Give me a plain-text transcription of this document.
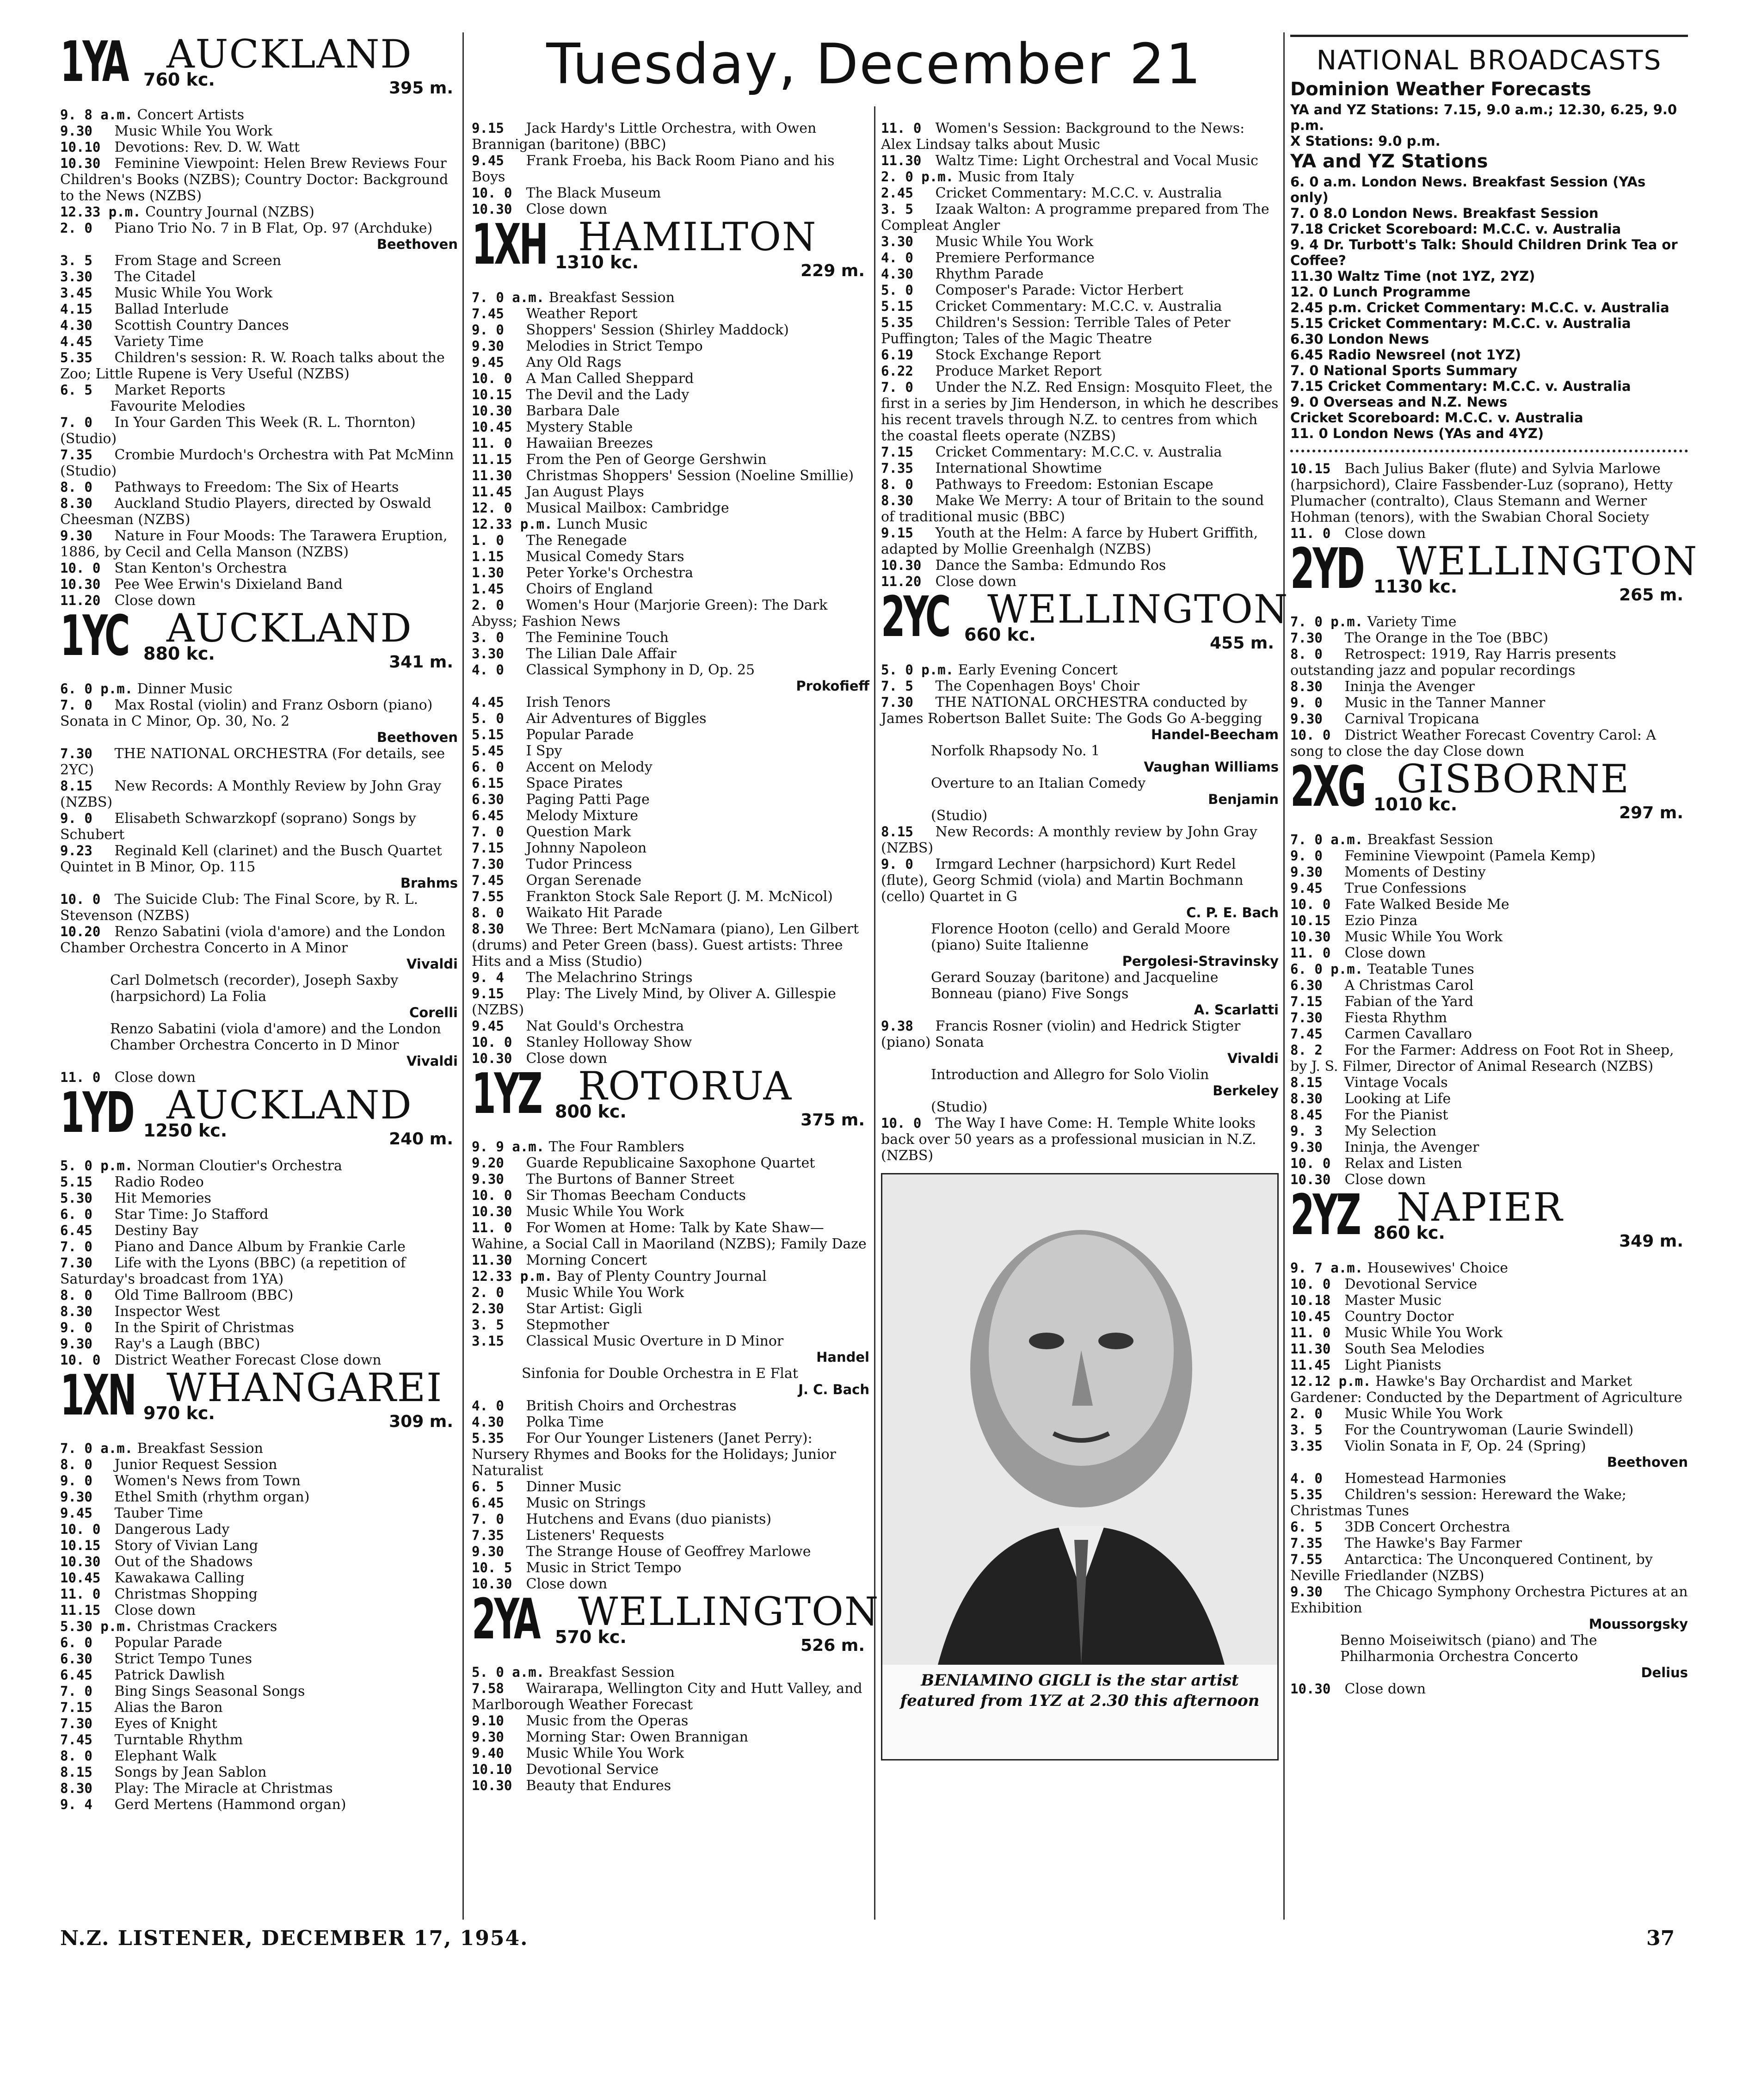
Tuesday, December 21
1YA AUCKLAND
760 kc.	395 m.

9. 8 a.m. Concert Artists

9.30 Music While You Work

10.10 Devotions: Rev. D. W. Watt

10.30 Feminine Viewpoint: Helen Brew Reviews Four Children's Books (NZBS); Country Doctor: Background to the News (NZBS)

12.33 p.m. Country Journal (NZBS)

2. 0 Piano Trio No. 7 in B Flat, Op. 97 (Archduke)
Beethoven

3. 5 From Stage and Screen

3.30 The Citadel

3.45 Music While You Work

4.15 Ballad Interlude

4.30 Scottish Country Dances

4.45 Variety Time

5.35 Children's session: R. W. Roach talks about the Zoo; Little Rupene is Very Useful (NZBS)

6. 5 Market Reports

Favourite Melodies

7. 0 In Your Garden This Week (R. L. Thornton) (Studio)

7.35 Crombie Murdoch's Orchestra with Pat McMinn (Studio)

8. 0 Pathways to Freedom: The Six of Hearts

8.30 Auckland Studio Players, directed by Oswald Cheesman (NZBS)

9.30 Nature in Four Moods: The Tarawera Eruption, 1886, by Cecil and Cella Manson (NZBS)

10. 0 Stan Kenton's Orchestra

10.30 Pee Wee Erwin's Dixieland Band

11.20 Close down

1YC AUCKLAND
880 kc.	341 m.

6. 0 p.m. Dinner Music

7. 0 Max Rostal (violin) and Franz Osborn (piano) Sonata in C Minor, Op. 30, No. 2
Beethoven

7.30 THE NATIONAL ORCHESTRA (For details, see 2YC)

8.15 New Records: A Monthly Review by John Gray (NZBS)

9. 0 Elisabeth Schwarzkopf (soprano) Songs by Schubert

9.23 Reginald Kell (clarinet) and the Busch Quartet Quintet in B Minor, Op. 115
Brahms

10. 0 The Suicide Club: The Final Score, by R. L. Stevenson (NZBS)

10.20 Renzo Sabatini (viola d'amore) and the London Chamber Orchestra Concerto in A Minor
Vivaldi

Carl Dolmetsch (recorder), Joseph Saxby (harpsichord) La Folia
Corelli

Renzo Sabatini (viola d'amore) and the London Chamber Orchestra Concerto in D Minor
Vivaldi

11. 0 Close down

1YD AUCKLAND
1250 kc.	240 m.

5. 0 p.m. Norman Cloutier's Orchestra

5.15 Radio Rodeo

5.30 Hit Memories

6. 0 Star Time: Jo Stafford

6.45 Destiny Bay

7. 0 Piano and Dance Album by Frankie Carle

7.30 Life with the Lyons (BBC) (a repetition of Saturday's broadcast from 1YA)

8. 0 Old Time Ballroom (BBC)

8.30 Inspector West

9. 0 In the Spirit of Christmas

9.30 Ray's a Laugh (BBC)

10. 0 District Weather Forecast Close down

1XN WHANGAREI
970 kc.	309 m.

7. 0 a.m. Breakfast Session

8. 0 Junior Request Session

9. 0 Women's News from Town

9.30 Ethel Smith (rhythm organ)

9.45 Tauber Time

10. 0 Dangerous Lady

10.15 Story of Vivian Lang

10.30 Out of the Shadows

10.45 Kawakawa Calling

11. 0 Christmas Shopping

11.15 Close down

5.30 p.m. Christmas Crackers

6. 0 Popular Parade

6.30 Strict Tempo Tunes

6.45 Patrick Dawlish

7. 0 Bing Sings Seasonal Songs

7.15 Alias the Baron

7.30 Eyes of Knight

7.45 Turntable Rhythm

8. 0 Elephant Walk

8.15 Songs by Jean Sablon

8.30 Play: The Miracle at Christmas

9. 4 Gerd Mertens (Hammond organ)

9.15 Jack Hardy's Little Orchestra, with Owen Brannigan (baritone) (BBC)

9.45 Frank Froeba, his Back Room Piano and his Boys

10. 0 The Black Museum

10.30 Close down

1XH HAMILTON
1310 kc.	229 m.

7. 0 a.m. Breakfast Session

7.45 Weather Report

9. 0 Shoppers' Session (Shirley Maddock)

9.30 Melodies in Strict Tempo

9.45 Any Old Rags

10. 0 A Man Called Sheppard

10.15 The Devil and the Lady

10.30 Barbara Dale

10.45 Mystery Stable

11. 0 Hawaiian Breezes

11.15 From the Pen of George Gershwin

11.30 Christmas Shoppers' Session (Noeline Smillie)

11.45 Jan August Plays

12. 0 Musical Mailbox: Cambridge

12.33 p.m. Lunch Music

1. 0 The Renegade

1.15 Musical Comedy Stars

1.30 Peter Yorke's Orchestra

1.45 Choirs of England

2. 0 Women's Hour (Marjorie Green): The Dark Abyss; Fashion News

3. 0 The Feminine Touch

3.30 The Lilian Dale Affair

4. 0 Classical Symphony in D, Op. 25
Prokofieff

4.45 Irish Tenors

5. 0 Air Adventures of Biggles

5.15 Popular Parade

5.45 I Spy

6. 0 Accent on Melody

6.15 Space Pirates

6.30 Paging Patti Page

6.45 Melody Mixture

7. 0 Question Mark

7.15 Johnny Napoleon

7.30 Tudor Princess

7.45 Organ Serenade

7.55 Frankton Stock Sale Report (J. M. McNicol)

8. 0 Waikato Hit Parade

8.30 We Three: Bert McNamara (piano), Len Gilbert (drums) and Peter Green (bass). Guest artists: Three Hits and a Miss (Studio)

9. 4 The Melachrino Strings

9.15 Play: The Lively Mind, by Oliver A. Gillespie (NZBS)

9.45 Nat Gould's Orchestra

10. 0 Stanley Holloway Show

10.30 Close down

1YZ ROTORUA
800 kc.	375 m.

9. 9 a.m. The Four Ramblers

9.20 Guarde Republicaine Saxophone Quartet

9.30 The Burtons of Banner Street

10. 0 Sir Thomas Beecham Conducts

10.30 Music While You Work

11. 0 For Women at Home: Talk by Kate Shaw—Wahine, a Social Call in Maoriland (NZBS); Family Daze

11.30 Morning Concert

12.33 p.m. Bay of Plenty Country Journal

2. 0 Music While You Work

2.30 Star Artist: Gigli

3. 5 Stepmother

3.15 Classical Music Overture in D Minor
Handel

Sinfonia for Double Orchestra in E Flat
J. C. Bach

4. 0 British Choirs and Orchestras

4.30 Polka Time

5.35 For Our Younger Listeners (Janet Perry): Nursery Rhymes and Books for the Holidays; Junior Naturalist

6. 5 Dinner Music

6.45 Music on Strings

7. 0 Hutchens and Evans (duo pianists)

7.35 Listeners' Requests

9.30 The Strange House of Geoffrey Marlowe

10. 5 Music in Strict Tempo

10.30 Close down

2YA WELLINGTON
570 kc.	526 m.

5. 0 a.m. Breakfast Session

7.58 Wairarapa, Wellington City and Hutt Valley, and Marlborough Weather Forecast

9.10 Music from the Operas

9.30 Morning Star: Owen Brannigan

9.40 Music While You Work

10.10 Devotional Service

10.30 Beauty that Endures

11. 0 Women's Session: Background to the News: Alex Lindsay talks about Music

11.30 Waltz Time: Light Orchestral and Vocal Music

2. 0 p.m. Music from Italy

2.45 Cricket Commentary: M.C.C. v. Australia

3. 5 Izaak Walton: A programme prepared from The Compleat Angler

3.30 Music While You Work

4. 0 Premiere Performance

4.30 Rhythm Parade

5. 0 Composer's Parade: Victor Herbert

5.15 Cricket Commentary: M.C.C. v. Australia

5.35 Children's Session: Terrible Tales of Peter Puffington; Tales of the Magic Theatre

6.19 Stock Exchange Report

6.22 Produce Market Report

7. 0 Under the N.Z. Red Ensign: Mosquito Fleet, the first in a series by Jim Henderson, in which he describes his recent travels through N.Z. to centres from which the coastal fleets operate (NZBS)

7.15 Cricket Commentary: M.C.C. v. Australia

7.35 International Showtime

8. 0 Pathways to Freedom: Estonian Escape

8.30 Make We Merry: A tour of Britain to the sound of traditional music (BBC)

9.15 Youth at the Helm: A farce by Hubert Griffith, adapted by Mollie Greenhalgh (NZBS)

10.30 Dance the Samba: Edmundo Ros

11.20 Close down

2YC WELLINGTON
660 kc.	455 m.

5. 0 p.m. Early Evening Concert

7. 5 The Copenhagen Boys' Choir

7.30 THE NATIONAL ORCHESTRA conducted by James Robertson Ballet Suite: The Gods Go A-begging
Handel-Beecham

Norfolk Rhapsody No. 1
Vaughan Williams

Overture to an Italian Comedy
Benjamin

(Studio)

8.15 New Records: A monthly review by John Gray (NZBS)

9. 0 Irmgard Lechner (harpsichord) Kurt Redel (flute), Georg Schmid (viola) and Martin Bochmann (cello) Quartet in G
C. P. E. Bach

Florence Hooton (cello) and Gerald Moore (piano) Suite Italienne
Pergolesi-Stravinsky

Gerard Souzay (baritone) and Jacqueline Bonneau (piano) Five Songs
A. Scarlatti

9.38 Francis Rosner (violin) and Hedrick Stigter (piano) Sonata
Vivaldi

Introduction and Allegro for Solo Violin
Berkeley

(Studio)

10. 0 The Way I have Come: H. Temple White looks back over 50 years as a professional musician in N.Z. (NZBS)

BENIAMINO GIGLI is the star artist featured from 1YZ at 2.30 this afternoon
NATIONAL BROADCASTS
Dominion Weather Forecasts

YA and YZ Stations: 7.15, 9.0 a.m.; 12.30, 6.25, 9.0 p.m.

X Stations: 9.0 p.m.

YA and YZ Stations

6. 0 a.m. London News. Breakfast Session (YAs only)

7. 0 8.0 London News. Breakfast Session

7.18 Cricket Scoreboard: M.C.C. v. Australia

9. 4 Dr. Turbott's Talk: Should Children Drink Tea or Coffee?

11.30 Waltz Time (not 1YZ, 2YZ)

12. 0 Lunch Programme

2.45 p.m. Cricket Commentary: M.C.C. v. Australia

5.15 Cricket Commentary: M.C.C. v. Australia

6.30 London News

6.45 Radio Newsreel (not 1YZ)

7. 0 National Sports Summary

7.15 Cricket Commentary: M.C.C. v. Australia

9. 0 Overseas and N.Z. News

Cricket Scoreboard: M.C.C. v. Australia

11. 0 London News (YAs and 4YZ)

10.15 Bach Julius Baker (flute) and Sylvia Marlowe (harpsichord), Claire Fassbender-Luz (soprano), Hetty Plumacher (contralto), Claus Stemann and Werner Hohman (tenors), with the Swabian Choral Society

11. 0 Close down

2YD WELLINGTON
1130 kc.	265 m.

7. 0 p.m. Variety Time

7.30 The Orange in the Toe (BBC)

8. 0 Retrospect: 1919, Ray Harris presents outstanding jazz and popular recordings

8.30 Ininja the Avenger

9. 0 Music in the Tanner Manner

9.30 Carnival Tropicana

10. 0 District Weather Forecast Coventry Carol: A song to close the day Close down

2XG GISBORNE
1010 kc.	297 m.

7. 0 a.m. Breakfast Session

9. 0 Feminine Viewpoint (Pamela Kemp)

9.30 Moments of Destiny

9.45 True Confessions

10. 0 Fate Walked Beside Me

10.15 Ezio Pinza

10.30 Music While You Work

11. 0 Close down

6. 0 p.m. Teatable Tunes

6.30 A Christmas Carol

7.15 Fabian of the Yard

7.30 Fiesta Rhythm

7.45 Carmen Cavallaro

8. 2 For the Farmer: Address on Foot Rot in Sheep, by J. S. Filmer, Director of Animal Research (NZBS)

8.15 Vintage Vocals

8.30 Looking at Life

8.45 For the Pianist

9. 3 My Selection

9.30 Ininja, the Avenger

10. 0 Relax and Listen

10.30 Close down

2YZ NAPIER
860 kc.	349 m.

9. 7 a.m. Housewives' Choice

10. 0 Devotional Service

10.18 Master Music

10.45 Country Doctor

11. 0 Music While You Work

11.30 South Sea Melodies

11.45 Light Pianists

12.12 p.m. Hawke's Bay Orchardist and Market Gardener: Conducted by the Department of Agriculture

2. 0 Music While You Work

3. 5 For the Countrywoman (Laurie Swindell)

3.35 Violin Sonata in F, Op. 24 (Spring)
Beethoven

4. 0 Homestead Harmonies

5.35 Children's session: Hereward the Wake; Christmas Tunes

6. 5 3DB Concert Orchestra

7.35 The Hawke's Bay Farmer

7.55 Antarctica: The Unconquered Continent, by Neville Friedlander (NZBS)

9.30 The Chicago Symphony Orchestra Pictures at an Exhibition
Moussorgsky

Benno Moiseiwitsch (piano) and The Philharmonia Orchestra Concerto
Delius

10.30 Close down

N.Z. LISTENER, DECEMBER 17, 1954.	37
